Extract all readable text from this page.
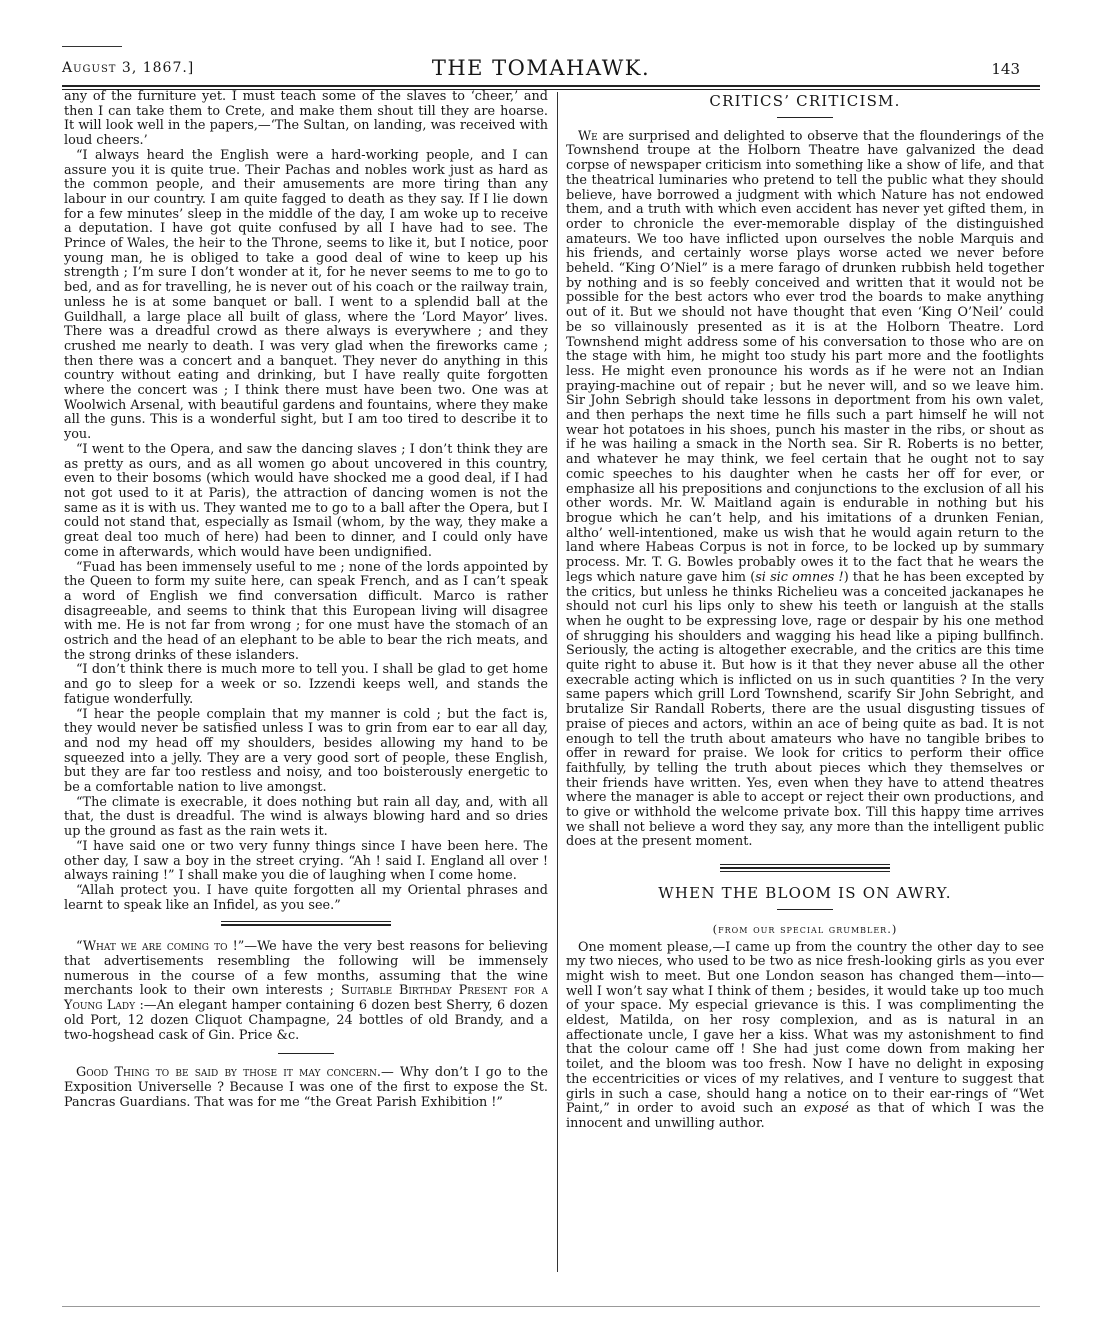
August 3, 1867.]	THE TOMAHAWK.	143

any of the furniture yet. I must teach some of the slaves to ‘cheer,’ and then I can take them to Crete, and make them shout till they are hoarse. It will look well in the papers,—‘The Sultan, on landing, was received with loud cheers.’

“I always heard the English were a hard-working people, and I can assure you it is quite true. Their Pachas and nobles work just as hard as the common people, and their amusements are more tiring than any labour in our country. I am quite fagged to death as they say. If I lie down for a few minutes’ sleep in the middle of the day, I am woke up to receive a deputation. I have got quite confused by all I have had to see. The Prince of Wales, the heir to the Throne, seems to like it, but I notice, poor young man, he is obliged to take a good deal of wine to keep up his strength ; I’m sure I don’t wonder at it, for he never seems to me to go to bed, and as for travelling, he is never out of his coach or the railway train, unless he is at some banquet or ball. I went to a splendid ball at the Guildhall, a large place all built of glass, where the ‘Lord Mayor’ lives. There was a dreadful crowd as there always is everywhere ; and they crushed me nearly to death. I was very glad when the fireworks came ; then there was a concert and a banquet. They never do anything in this country without eating and drinking, but I have really quite forgotten where the concert was ; I think there must have been two. One was at Woolwich Arsenal, with beautiful gardens and fountains, where they make all the guns. This is a wonderful sight, but I am too tired to describe it to you.

“I went to the Opera, and saw the dancing slaves ; I don’t think they are as pretty as ours, and as all women go about uncovered in this country, even to their bosoms (which would have shocked me a good deal, if I had not got used to it at Paris), the attraction of dancing women is not the same as it is with us. They wanted me to go to a ball after the Opera, but I could not stand that, especially as Ismail (whom, by the way, they make a great deal too much of here) had been to dinner, and I could only have come in afterwards, which would have been undignified.

“Fuad has been immensely useful to me ; none of the lords appointed by the Queen to form my suite here, can speak French, and as I can’t speak a word of English we find conversation difficult. Marco is rather disagreeable, and seems to think that this European living will disagree with me. He is not far from wrong ; for one must have the stomach of an ostrich and the head of an elephant to be able to bear the rich meats, and the strong drinks of these islanders.

“I don’t think there is much more to tell you. I shall be glad to get home and go to sleep for a week or so. Izzendi keeps well, and stands the fatigue wonderfully.

“I hear the people complain that my manner is cold ; but the fact is, they would never be satisfied unless I was to grin from ear to ear all day, and nod my head off my shoulders, besides allowing my hand to be squeezed into a jelly. They are a very good sort of people, these English, but they are far too restless and noisy, and too boisterously energetic to be a comfortable nation to live amongst.

“The climate is execrable, it does nothing but rain all day, and, with all that, the dust is dreadful. The wind is always blowing hard and so dries up the ground as fast as the rain wets it.

“I have said one or two very funny things since I have been here. The other day, I saw a boy in the street crying. “Ah ! said I. England all over ! always raining !” I shall make you die of laughing when I come home.

“Allah protect you. I have quite forgotten all my Oriental phrases and learnt to speak like an Infidel, as you see.”

“What we are coming to !”—We have the very best reasons for believing that advertisements resembling the following will be immensely numerous in the course of a few months, assuming that the wine merchants look to their own interests ; Suitable Birthday Present for a Young Lady :—An elegant hamper containing 6 dozen best Sherry, 6 dozen old Port, 12 dozen Cliquot Champagne, 24 bottles of old Brandy, and a two-hogshead cask of Gin. Price &c.

Good Thing to be said by those it may concern.— Why don’t I go to the Exposition Universelle ? Because I was one of the first to expose the St. Pancras Guardians. That was for me “the Great Parish Exhibition !”

CRITICS’ CRITICISM.

We are surprised and delighted to observe that the flounderings of the Townshend troupe at the Holborn Theatre have galvanized the dead corpse of newspaper criticism into something like a show of life, and that the theatrical luminaries who pretend to tell the public what they should believe, have borrowed a judgment with which Nature has not endowed them, and a truth with which even accident has never yet gifted them, in order to chronicle the ever-memorable display of the distinguished amateurs. We too have inflicted upon ourselves the noble Marquis and his friends, and certainly worse plays worse acted we never before beheld. “King O’Niel” is a mere farago of drunken rubbish held together by nothing and is so feebly conceived and written that it would not be possible for the best actors who ever trod the boards to make anything out of it. But we should not have thought that even ‘King O’Neil’ could be so villainously presented as it is at the Holborn Theatre. Lord Townshend might address some of his conversation to those who are on the stage with him, he might too study his part more and the footlights less. He might even pronounce his words as if he were not an Indian praying-machine out of repair ; but he never will, and so we leave him. Sir John Sebrigh should take lessons in deportment from his own valet, and then perhaps the next time he fills such a part himself he will not wear hot potatoes in his shoes, punch his master in the ribs, or shout as if he was hailing a smack in the North sea. Sir R. Roberts is no better, and whatever he may think, we feel certain that he ought not to say comic speeches to his daughter when he casts her off for ever, or emphasize all his prepositions and conjunctions to the exclusion of all his other words. Mr. W. Maitland again is endurable in nothing but his brogue which he can’t help, and his imitations of a drunken Fenian, altho’ well-intentioned, make us wish that he would again return to the land where Habeas Corpus is not in force, to be locked up by summary process. Mr. T. G. Bowles probably owes it to the fact that he wears the legs which nature gave him (si sic omnes !) that he has been excepted by the critics, but unless he thinks Richelieu was a conceited jackanapes he should not curl his lips only to shew his teeth or languish at the stalls when he ought to be expressing love, rage or despair by his one method of shrugging his shoulders and wagging his head like a piping bullfinch. Seriously, the acting is altogether execrable, and the critics are this time quite right to abuse it. But how is it that they never abuse all the other execrable acting which is inflicted on us in such quantities ? In the very same papers which grill Lord Townshend, scarify Sir John Sebright, and brutalize Sir Randall Roberts, there are the usual disgusting tissues of praise of pieces and actors, within an ace of being quite as bad. It is not enough to tell the truth about amateurs who have no tangible bribes to offer in reward for praise. We look for critics to perform their office faithfully, by telling the truth about pieces which they themselves or their friends have written. Yes, even when they have to attend theatres where the manager is able to accept or reject their own productions, and to give or withhold the welcome private box. Till this happy time arrives we shall not believe a word they say, any more than the intelligent public does at the present moment.

WHEN THE BLOOM IS ON AWRY.
(from our special grumbler.)

One moment please,—I came up from the country the other day to see my two nieces, who used to be two as nice fresh-looking girls as you ever might wish to meet. But one London season has changed them—into—well I won’t say what I think of them ; besides, it would take up too much of your space. My especial grievance is this. I was complimenting the eldest, Matilda, on her rosy complexion, and as is natural in an affectionate uncle, I gave her a kiss. What was my astonishment to find that the colour came off ! She had just come down from making her toilet, and the bloom was too fresh. Now I have no delight in exposing the eccentricities or vices of my relatives, and I venture to suggest that girls in such a case, should hang a notice on to their ear-rings of “Wet Paint,” in order to avoid such an exposé as that of which I was the innocent and unwilling author.
